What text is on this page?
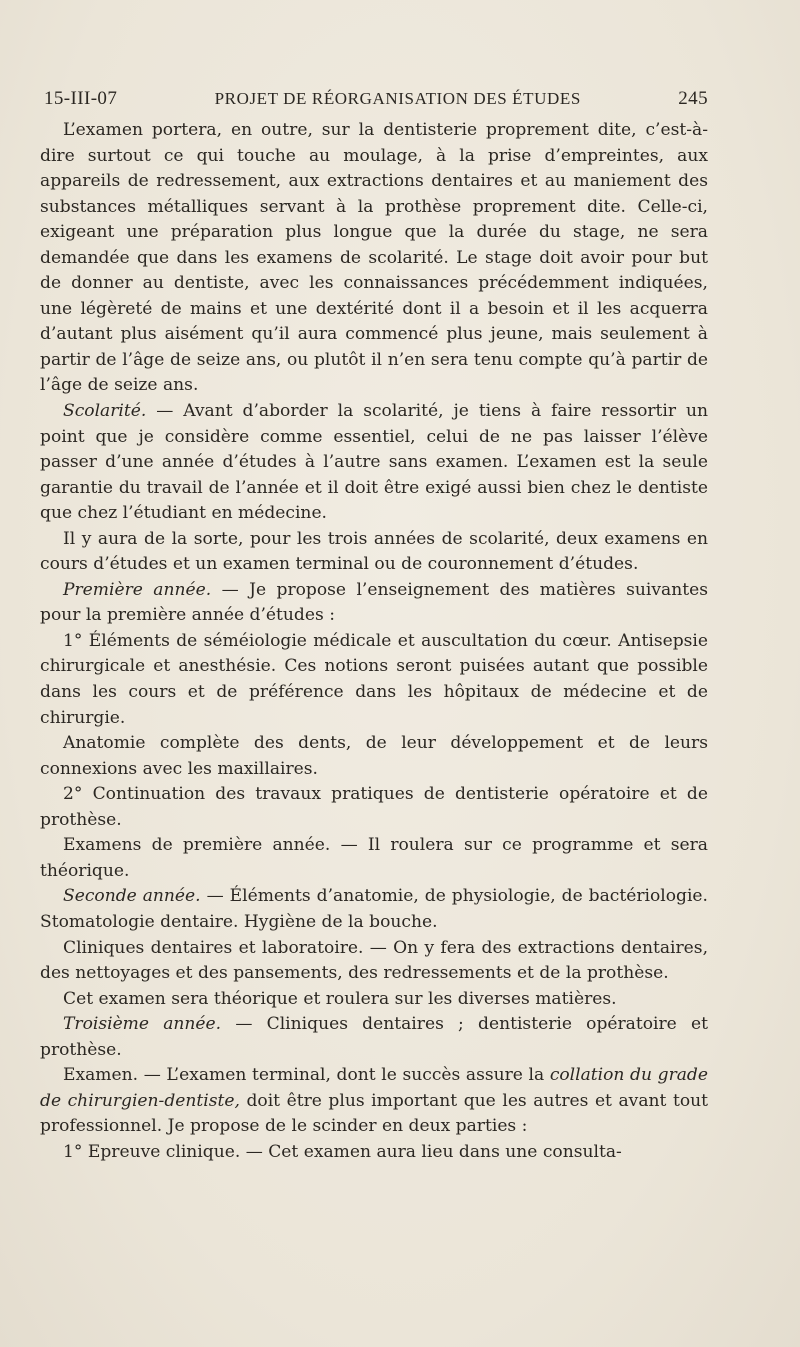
15-III-07	PROJET DE RÉORGANISATION DES ÉTUDES	245

L’examen portera, en outre, sur la dentisterie proprement dite, c’est-à-dire surtout ce qui touche au moulage, à la prise d’empreintes, aux appareils de redressement, aux extractions dentaires et au maniement des substances métalliques servant à la prothèse proprement dite. Celle-ci, exigeant une préparation plus longue que la durée du stage, ne sera demandée que dans les examens de scolarité. Le stage doit avoir pour but de donner au dentiste, avec les connaissances précédemment indiquées, une légèreté de mains et une dextérité dont il a besoin et il les acquerra d’autant plus aisément qu’il aura commencé plus jeune, mais seulement à partir de l’âge de seize ans, ou plutôt il n’en sera tenu compte qu’à partir de l’âge de seize ans.

Scolarité. — Avant d’aborder la scolarité, je tiens à faire ressortir un point que je considère comme essentiel, celui de ne pas laisser l’élève passer d’une année d’études à l’autre sans examen. L’examen est la seule garantie du travail de l’année et il doit être exigé aussi bien chez le dentiste que chez l’étudiant en médecine.

Il y aura de la sorte, pour les trois années de scolarité, deux examens en cours d’études et un examen terminal ou de couronnement d’études.

Première année. — Je propose l’enseignement des matières suivantes pour la première année d’études :

1° Éléments de séméiologie médicale et auscultation du cœur. Antisepsie chirurgicale et anesthésie. Ces notions seront puisées autant que possible dans les cours et de préférence dans les hôpitaux de médecine et de chirurgie.

Anatomie complète des dents, de leur développement et de leurs connexions avec les maxillaires.

2° Continuation des travaux pratiques de dentisterie opératoire et de prothèse.

Examens de première année. — Il roulera sur ce programme et sera théorique.

Seconde année. — Éléments d’anatomie, de physiologie, de bactériologie. Stomatologie dentaire. Hygiène de la bouche.

Cliniques dentaires et laboratoire. — On y fera des extractions dentaires, des nettoyages et des pansements, des redressements et de la prothèse.

Cet examen sera théorique et roulera sur les diverses matières.

Troisième année. — Cliniques dentaires ; dentisterie opératoire et prothèse.

Examen. — L’examen terminal, dont le succès assure la collation du grade de chirurgien-dentiste, doit être plus important que les autres et avant tout professionnel. Je propose de le scinder en deux parties :

1° Epreuve clinique. — Cet examen aura lieu dans une consulta-
